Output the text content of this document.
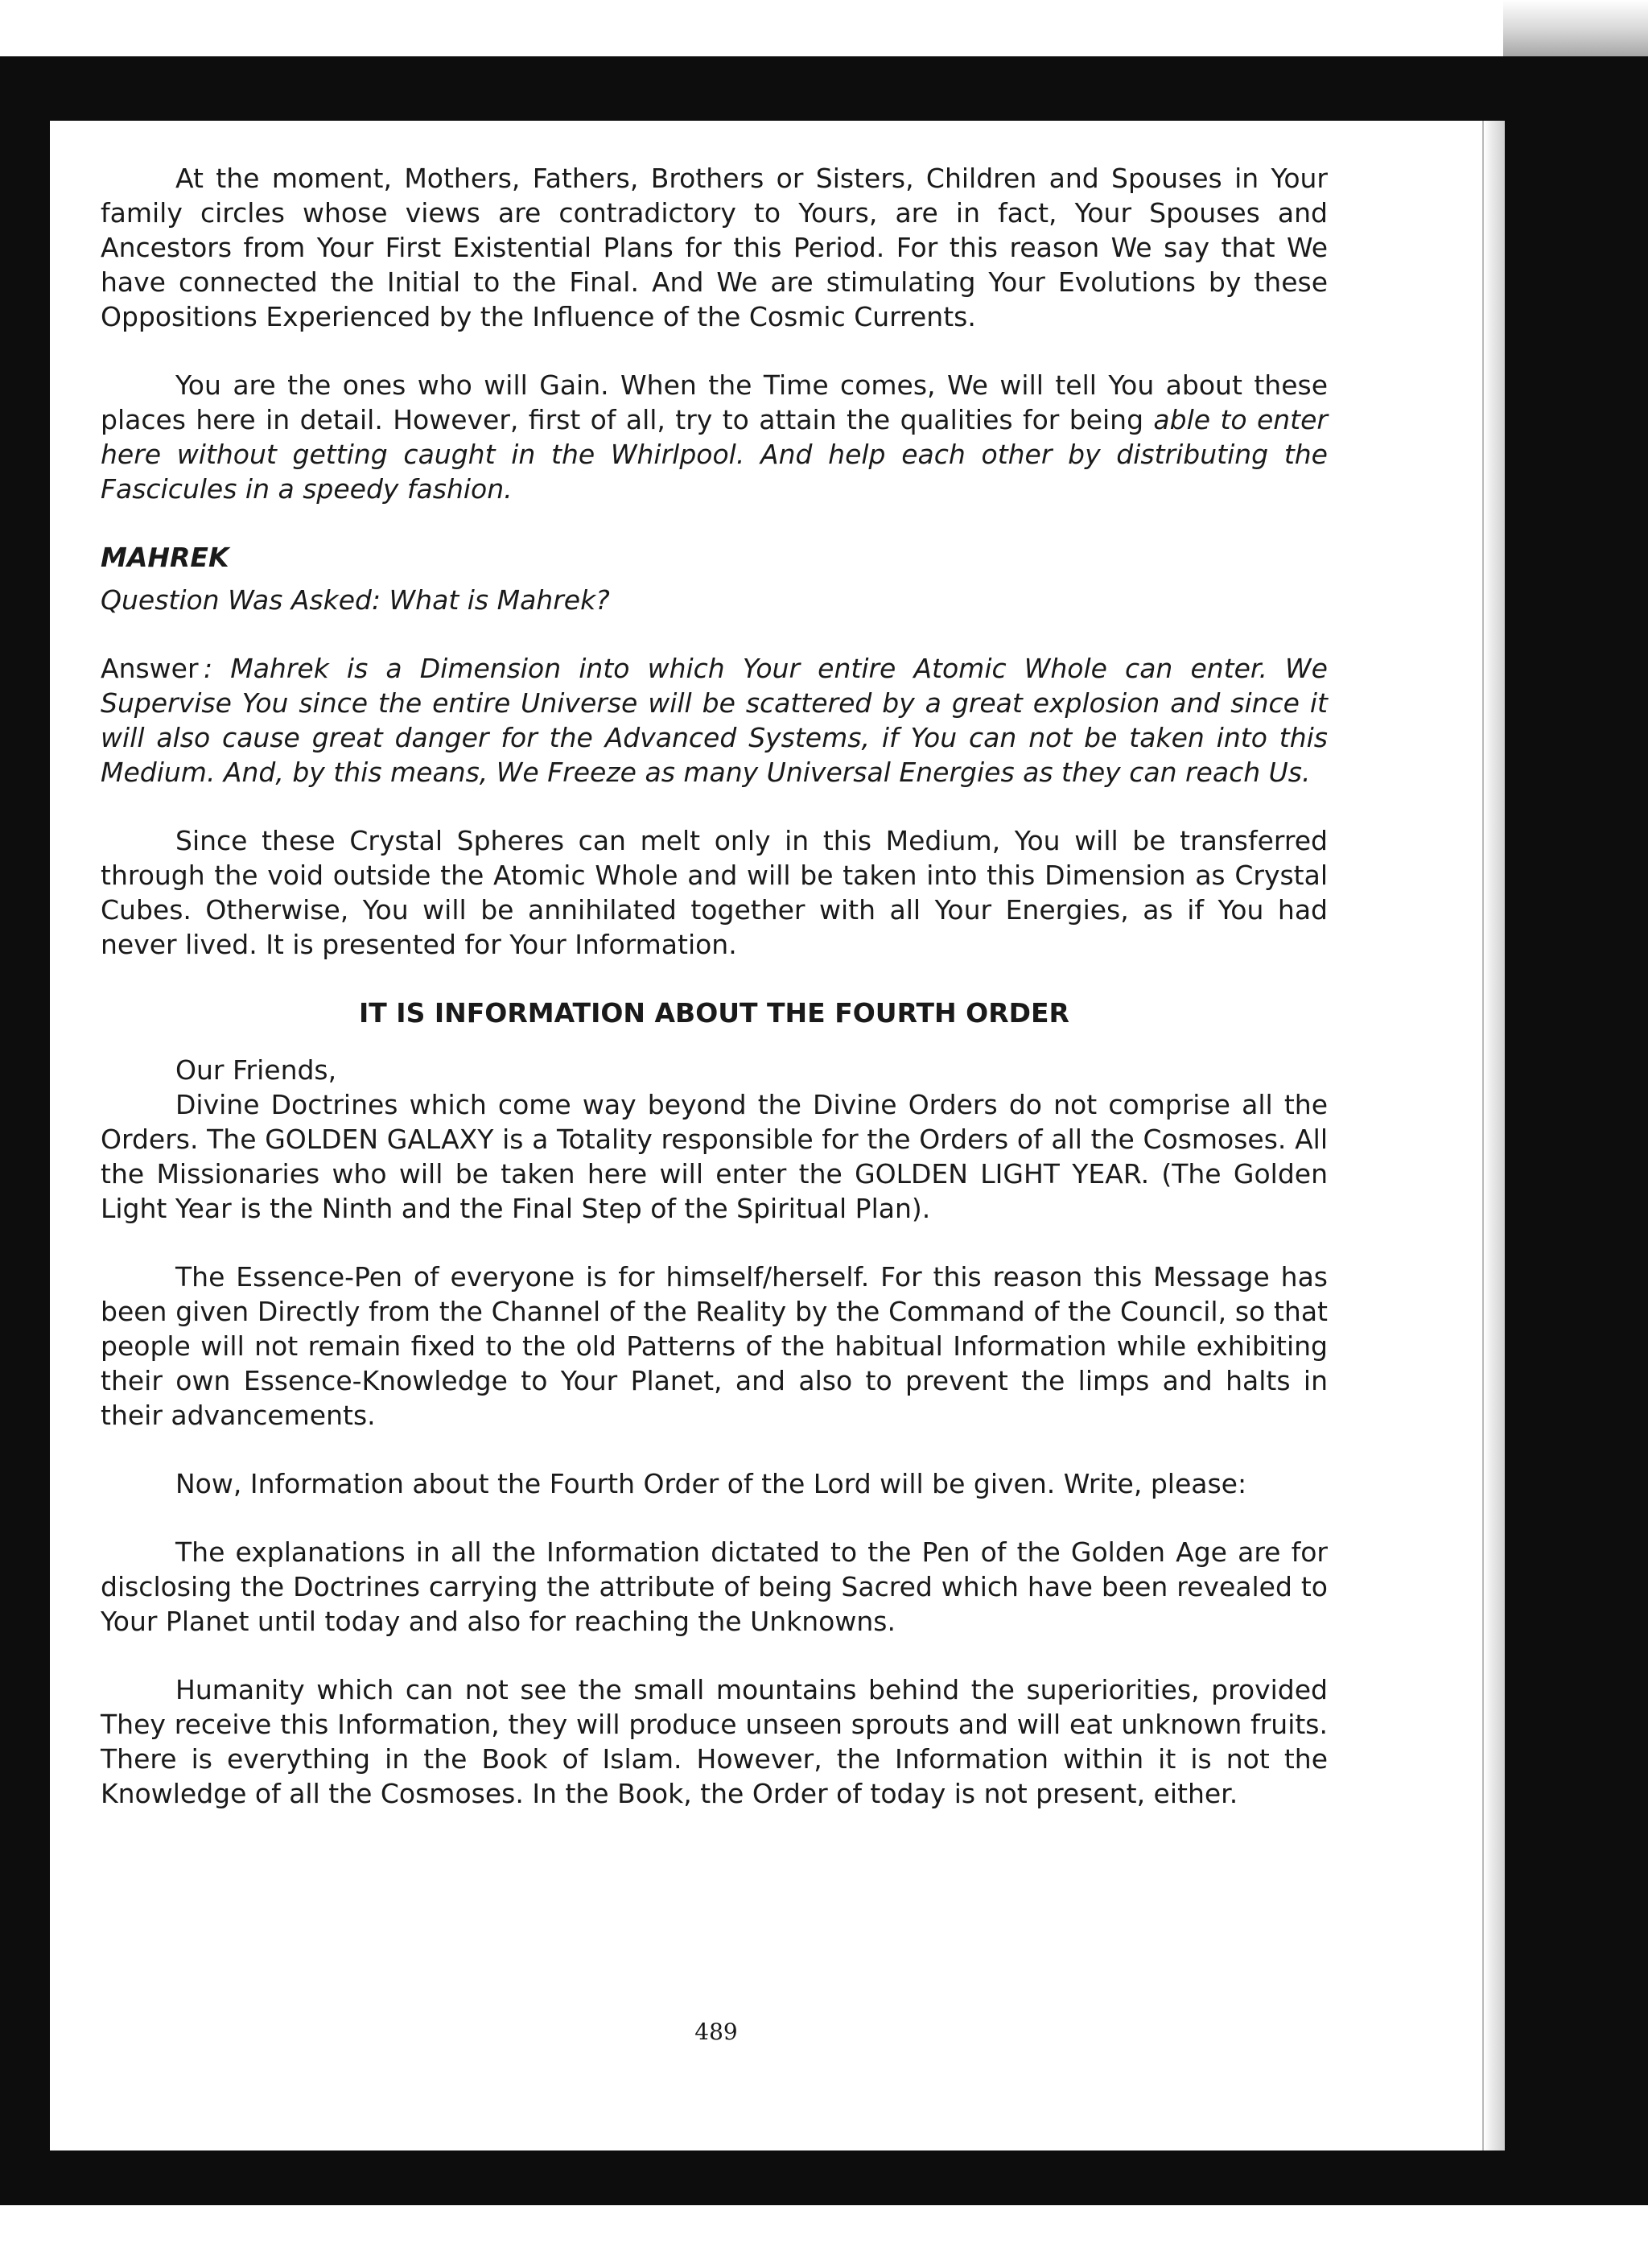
At the moment, Mothers, Fathers, Brothers or Sisters, Children and Spouses in Your family circles whose views are contradictory to Yours, are in fact, Your Spouses and Ancestors from Your First Existential Plans for this Period. For this reason We say that We have connected the Initial to the Final. And We are stimulating Your Evolutions by these Oppositions Experienced by the Influence of the Cosmic Currents.

You are the ones who will Gain. When the Time comes, We will tell You about these places here in detail. However, first of all, try to attain the qualities for being able to enter here without getting caught in the Whirlpool. And help each other by distributing the Fascicules in a speedy fashion.

MAHREK

Question Was Asked: What is Mahrek?

Answer : Mahrek is a Dimension into which Your entire Atomic Whole can enter. We Supervise You since the entire Universe will be scattered by a great explosion and since it will also cause great danger for the Advanced Systems, if You can not be taken into this Medium. And, by this means, We Freeze as many Universal Energies as they can reach Us.

Since these Crystal Spheres can melt only in this Medium, You will be transferred through the void outside the Atomic Whole and will be taken into this Dimension as Crystal Cubes. Otherwise, You will be annihilated together with all Your Energies, as if You had never lived. It is presented for Your Information.

IT IS INFORMATION ABOUT THE FOURTH ORDER

Our Friends,

Divine Doctrines which come way beyond the Divine Orders do not comprise all the Orders. The GOLDEN GALAXY is a Totality responsible for the Orders of all the Cosmoses. All the Missionaries who will be taken here will enter the GOLDEN LIGHT YEAR. (The Golden Light Year is the Ninth and the Final Step of the Spiritual Plan).

The Essence-Pen of everyone is for himself/herself. For this reason this Message has been given Directly from the Channel of the Reality by the Command of the Council, so that people will not remain fixed to the old Patterns of the habitual Information while exhibiting their own Essence-Knowledge to Your Planet, and also to prevent the limps and halts in their advancements.

Now, Information about the Fourth Order of the Lord will be given. Write, please:

The explanations in all the Information dictated to the Pen of the Golden Age are for disclosing the Doctrines carrying the attribute of being Sacred which have been revealed to Your Planet until today and also for reaching the Unknowns.

Humanity which can not see the small mountains behind the superiorities, provided They receive this Information, they will produce unseen sprouts and will eat unknown fruits. There is everything in the Book of Islam. However, the Information within it is not the Knowledge of all the Cosmoses. In the Book, the Order of today is not present, either.

489
